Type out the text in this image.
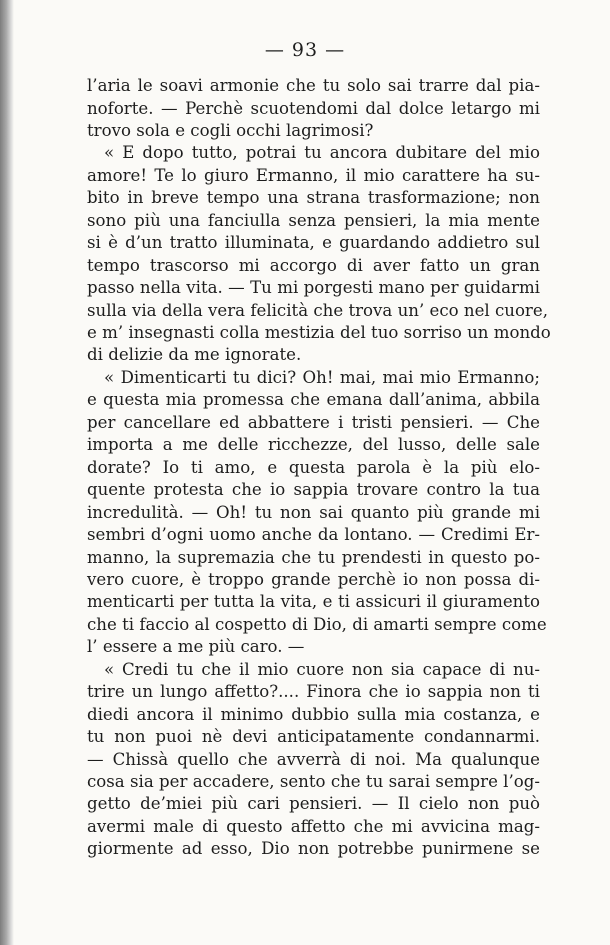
— 93 —
l’aria le soavi armonie che tu solo sai trarre dal pia-
noforte. — Perchè scuotendomi dal dolce letargo mi
trovo sola e cogli occhi lagrimosi?
« E dopo tutto, potrai tu ancora dubitare del mio
amore! Te lo giuro Ermanno, il mio carattere ha su-
bito in breve tempo una strana trasformazione; non
sono più una fanciulla senza pensieri, la mia mente
si è d’un tratto illuminata, e guardando addietro sul
tempo trascorso mi accorgo di aver fatto un gran
passo nella vita. — Tu mi porgesti mano per guidarmi
sulla via della vera felicità che trova un’ eco nel cuore,
e m’ insegnasti colla mestizia del tuo sorriso un mondo
di delizie da me ignorate.
« Dimenticarti tu dici? Oh! mai, mai mio Ermanno;
e questa mia promessa che emana dall’anima, abbila
per cancellare ed abbattere i tristi pensieri. — Che
importa a me delle ricchezze, del lusso, delle sale
dorate? Io ti amo, e questa parola è la più elo-
quente protesta che io sappia trovare contro la tua
incredulità. — Oh! tu non sai quanto più grande mi
sembri d’ogni uomo anche da lontano. — Credimi Er-
manno, la supremazia che tu prendesti in questo po-
vero cuore, è troppo grande perchè io non possa di-
menticarti per tutta la vita, e ti assicuri il giuramento
che ti faccio al cospetto di Dio, di amarti sempre come
l’ essere a me più caro. —
« Credi tu che il mio cuore non sia capace di nu-
trire un lungo affetto?.... Finora che io sappia non ti
diedi ancora il minimo dubbio sulla mia costanza, e
tu non puoi nè devi anticipatamente condannarmi.
— Chissà quello che avverrà di noi. Ma qualunque
cosa sia per accadere, sento che tu sarai sempre l’og-
getto de’miei più cari pensieri. — Il cielo non può
avermi male di questo affetto che mi avvicina mag-
giormente ad esso, Dio non potrebbe punirmene se
